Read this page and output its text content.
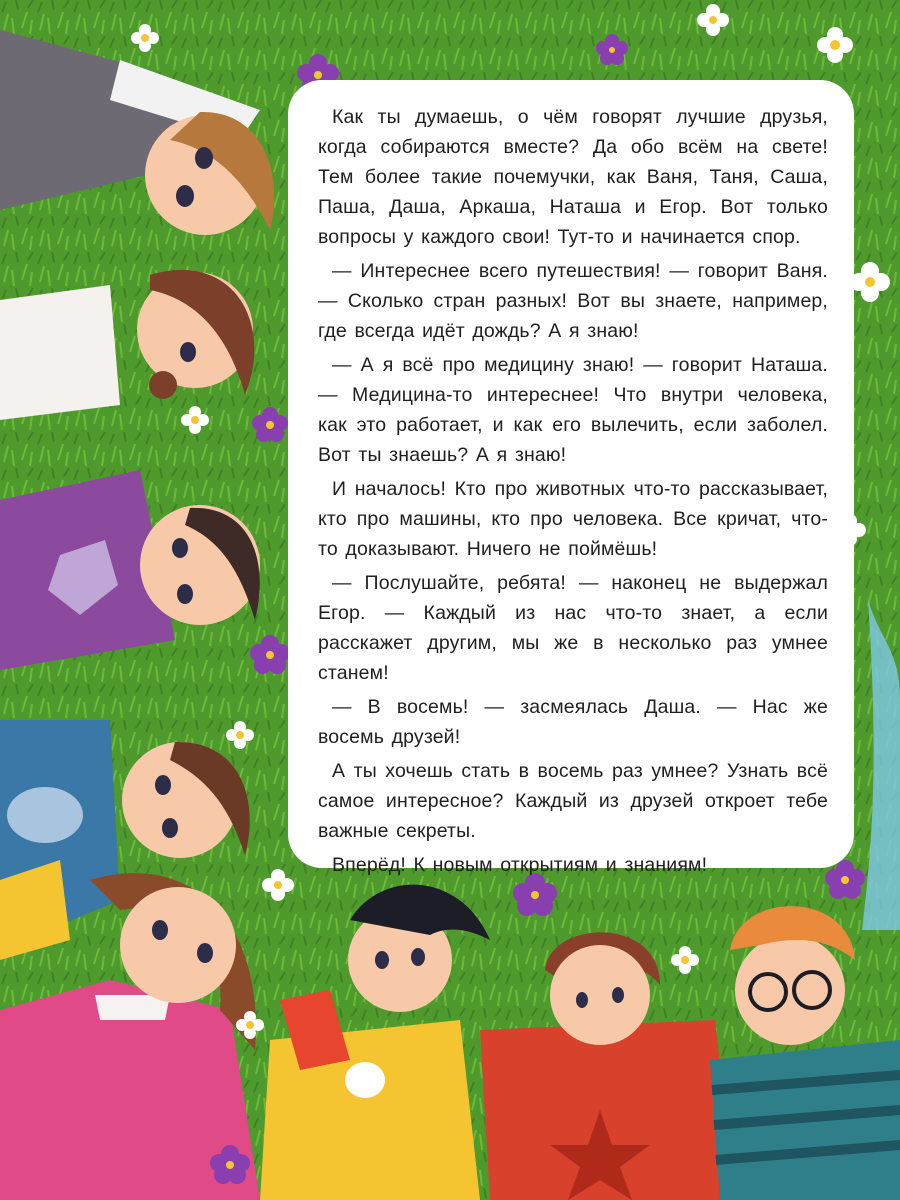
Как ты думаешь, о чём говорят лучшие друзья, когда собираются вместе? Да обо всём на свете! Тем более такие почемучки, как Ваня, Таня, Саша, Паша, Даша, Аркаша, Наташа и Егор. Вот только вопросы у каждого свои! Тут-то и начинается спор.

— Интереснее всего путешествия! — говорит Ваня. — Сколько стран разных! Вот вы знаете, например, где всегда идёт дождь? А я знаю!

— А я всё про медицину знаю! — говорит Наташа. — Медицина-то интереснее! Что внутри человека, как это работает, и как его вылечить, если заболел. Вот ты знаешь? А я знаю!

И началось! Кто про животных что-то рассказывает, кто про машины, кто про человека. Все кричат, что-то доказывают. Ничего не поймёшь!

— Послушайте, ребята! — наконец не выдержал Егор. — Каждый из нас что-то знает, а если расскажет другим, мы же в несколько раз умнее станем!

— В восемь! — засмеялась Даша. — Нас же восемь друзей!

А ты хочешь стать в восемь раз умнее? Узнать всё самое интересное? Каждый из друзей откроет тебе важные секреты.

Вперёд! К новым открытиям и знаниям!
